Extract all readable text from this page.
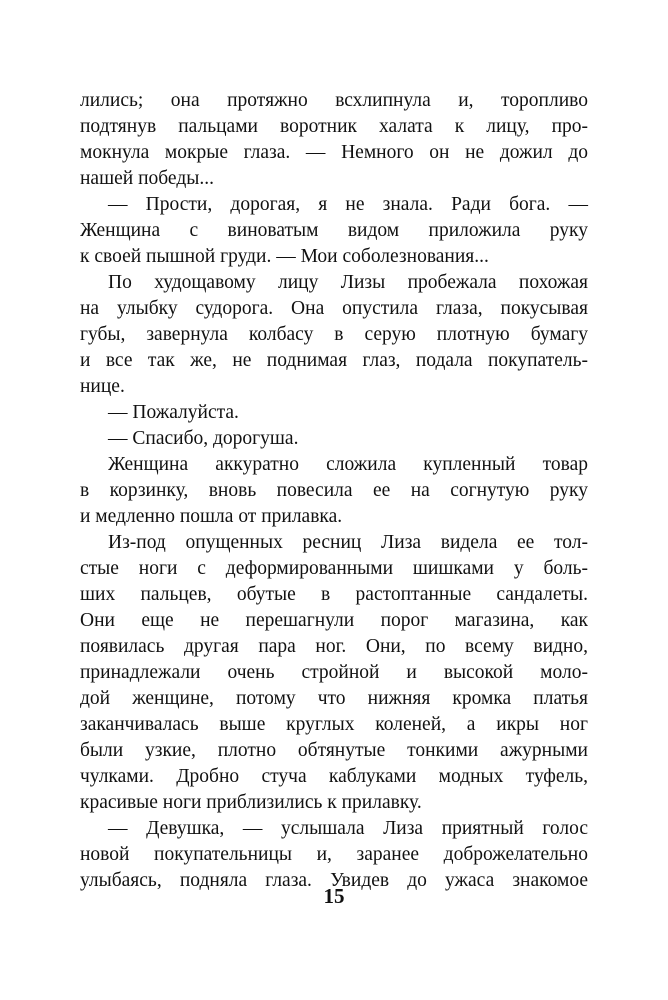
лились; она протяжно всхлипнула и, торопливо
подтянув пальцами воротник халата к лицу, про-
мокнула мокрые глаза. — Немного он не дожил до
нашей победы...
— Прости, дорогая, я не знала. Ради бога. —
Женщина с виноватым видом приложила руку
к своей пышной груди. — Мои соболезнования...
По худощавому лицу Лизы пробежала похожая
на улыбку судорога. Она опустила глаза, покусывая
губы, завернула колбасу в серую плотную бумагу
и все так же, не поднимая глаз, подала покупатель-
нице.
— Пожалуйста.
— Спасибо, дорогуша.
Женщина аккуратно сложила купленный товар
в корзинку, вновь повесила ее на согнутую руку
и медленно пошла от прилавка.
Из-под опущенных ресниц Лиза видела ее тол-
стые ноги с деформированными шишками у боль-
ших пальцев, обутые в растоптанные сандалеты.
Они еще не перешагнули порог магазина, как
появилась другая пара ног. Они, по всему видно,
принадлежали очень стройной и высокой моло-
дой женщине, потому что нижняя кромка платья
заканчивалась выше круглых коленей, а икры ног
были узкие, плотно обтянутые тонкими ажурными
чулками. Дробно стуча каблуками модных туфель,
красивые ноги приблизились к прилавку.
— Девушка, — услышала Лиза приятный голос
новой покупательницы и, заранее доброжелательно
улыбаясь, подняла глаза. Увидев до ужаса знакомое
15
